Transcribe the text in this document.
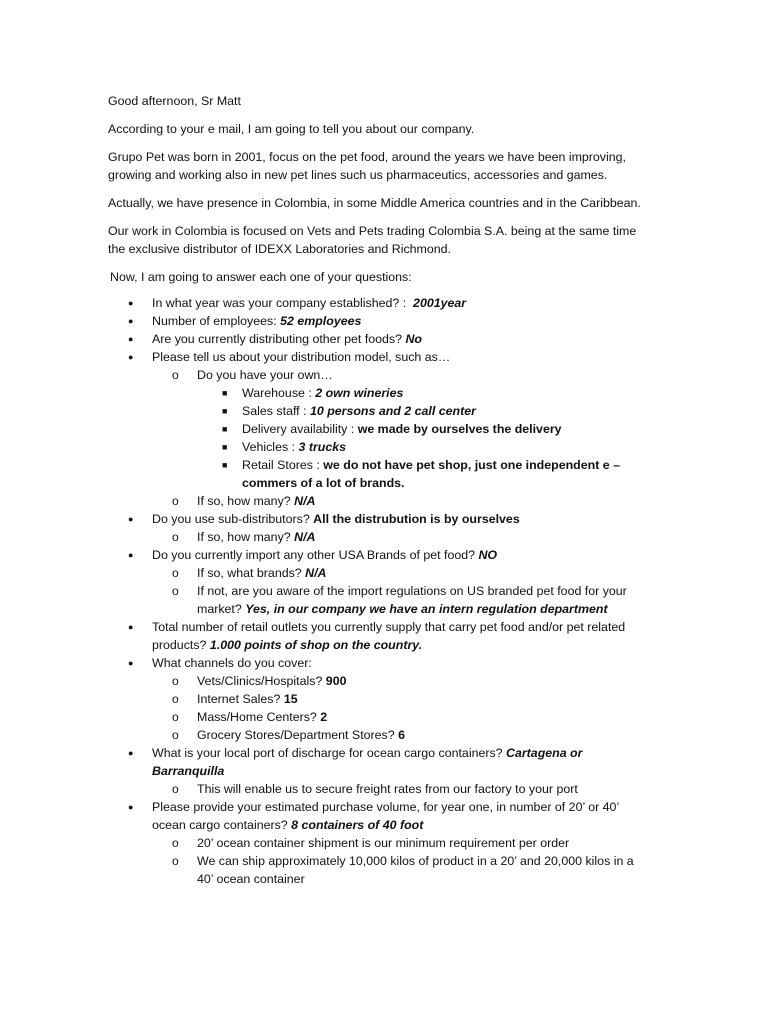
Good afternoon, Sr Matt

According to your e mail, I am going to tell you about our company.

Grupo Pet was born in 2001, focus on the pet food, around the years we have been improving, growing and working also in new pet lines such us pharmaceutics, accessories and games.

Actually, we have presence in Colombia, in some Middle America countries and in the Caribbean.

Our work in Colombia is focused on Vets and Pets trading Colombia S.A. being at the same time the exclusive distributor of IDEXX Laboratories and Richmond.

Now, I am going to answer each one of your questions:

● In what year was your company established? : 2001year
● Number of employees: 52 employees
● Are you currently distributing other pet foods? No
● Please tell us about your distribution model, such as…
o Do you have your own…
■ Warehouse : 2 own wineries
■ Sales staff : 10 persons and 2 call center
■ Delivery availability : we made by ourselves the delivery
■ Vehicles : 3 trucks
■ Retail Stores : we do not have pet shop, just one independent e – commers of a lot of brands.
o If so, how many? N/A
● Do you use sub-distributors? All the distrubution is by ourselves
o If so, how many? N/A
● Do you currently import any other USA Brands of pet food? NO
o If so, what brands? N/A
o If not, are you aware of the import regulations on US branded pet food for your market? Yes, in our company we have an intern regulation department
● Total number of retail outlets you currently supply that carry pet food and/or pet related products? 1.000 points of shop on the country.
● What channels do you cover:
o Vets/Clinics/Hospitals? 900
o Internet Sales? 15
o Mass/Home Centers? 2
o Grocery Stores/Department Stores? 6
● What is your local port of discharge for ocean cargo containers? Cartagena or Barranquilla
o This will enable us to secure freight rates from our factory to your port
● Please provide your estimated purchase volume, for year one, in number of 20’ or 40’ ocean cargo containers? 8 containers of 40 foot
o 20’ ocean container shipment is our minimum requirement per order
o We can ship approximately 10,000 kilos of product in a 20’ and 20,000 kilos in a 40’ ocean container
